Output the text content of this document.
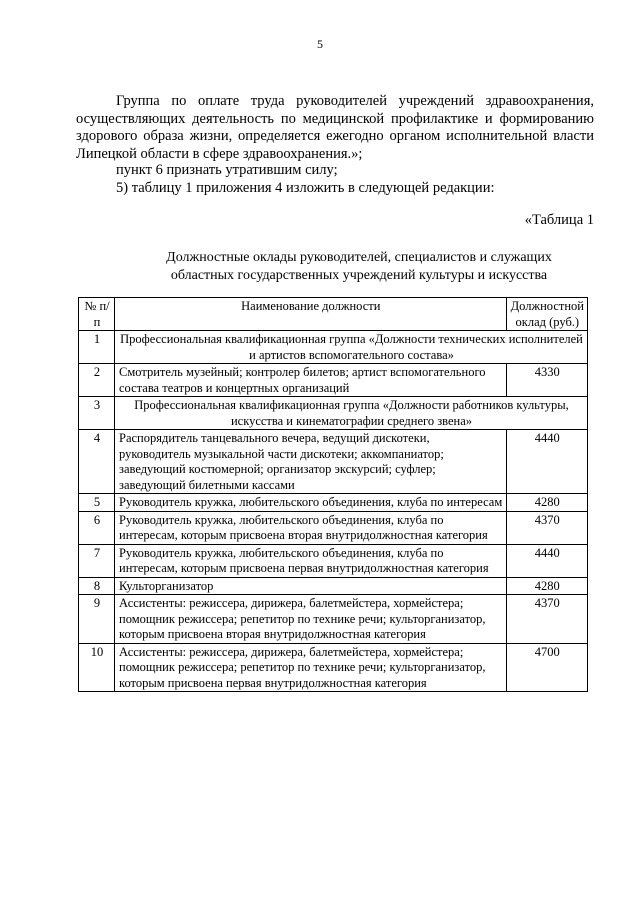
5
Группа по оплате труда руководителей учреждений здравоохранения, осуществляющих деятельность по медицинской профилактике и формированию здорового образа жизни, определяется ежегодно органом исполнительной власти Липецкой области в сфере здравоохранения.»;
пункт 6 признать утратившим силу;
5) таблицу 1 приложения 4 изложить в следующей редакции:
«Таблица 1
Должностные оклады руководителей, специалистов и служащих
областных государственных учреждений культуры и искусства
№ п/п	Наименование должности	Должностной оклад (руб.)
1	Профессиональная квалификационная группа «Должности технических исполнителей и артистов вспомогательного состава»	
2	Смотритель музейный; контролер билетов; артист вспомогательного состава театров и концертных организаций	4330
3	Профессиональная квалификационная группа «Должности работников культуры, искусства и кинематографии среднего звена»	
4	Распорядитель танцевального вечера, ведущий дискотеки, руководитель музыкальной части дискотеки; аккомпаниатор; заведующий костюмерной; организатор экскурсий; суфлер; заведующий билетными кассами	4440
5	Руководитель кружка, любительского объединения, клуба по интересам	4280
6	Руководитель кружка, любительского объединения, клуба по интересам, которым присвоена вторая внутридолжностная категория	4370
7	Руководитель кружка, любительского объединения, клуба по интересам, которым присвоена первая внутридолжностная категория	4440
8	Культорганизатор	4280
9	Ассистенты: режиссера, дирижера, балетмейстера, хормейстера; помощник режиссера; репетитор по технике речи; культорганизатор, которым присвоена вторая внутридолжностная категория	4370
10	Ассистенты: режиссера, дирижера, балетмейстера, хормейстера; помощник режиссера; репетитор по технике речи; культорганизатор, которым присвоена первая внутридолжностная категория	4700
